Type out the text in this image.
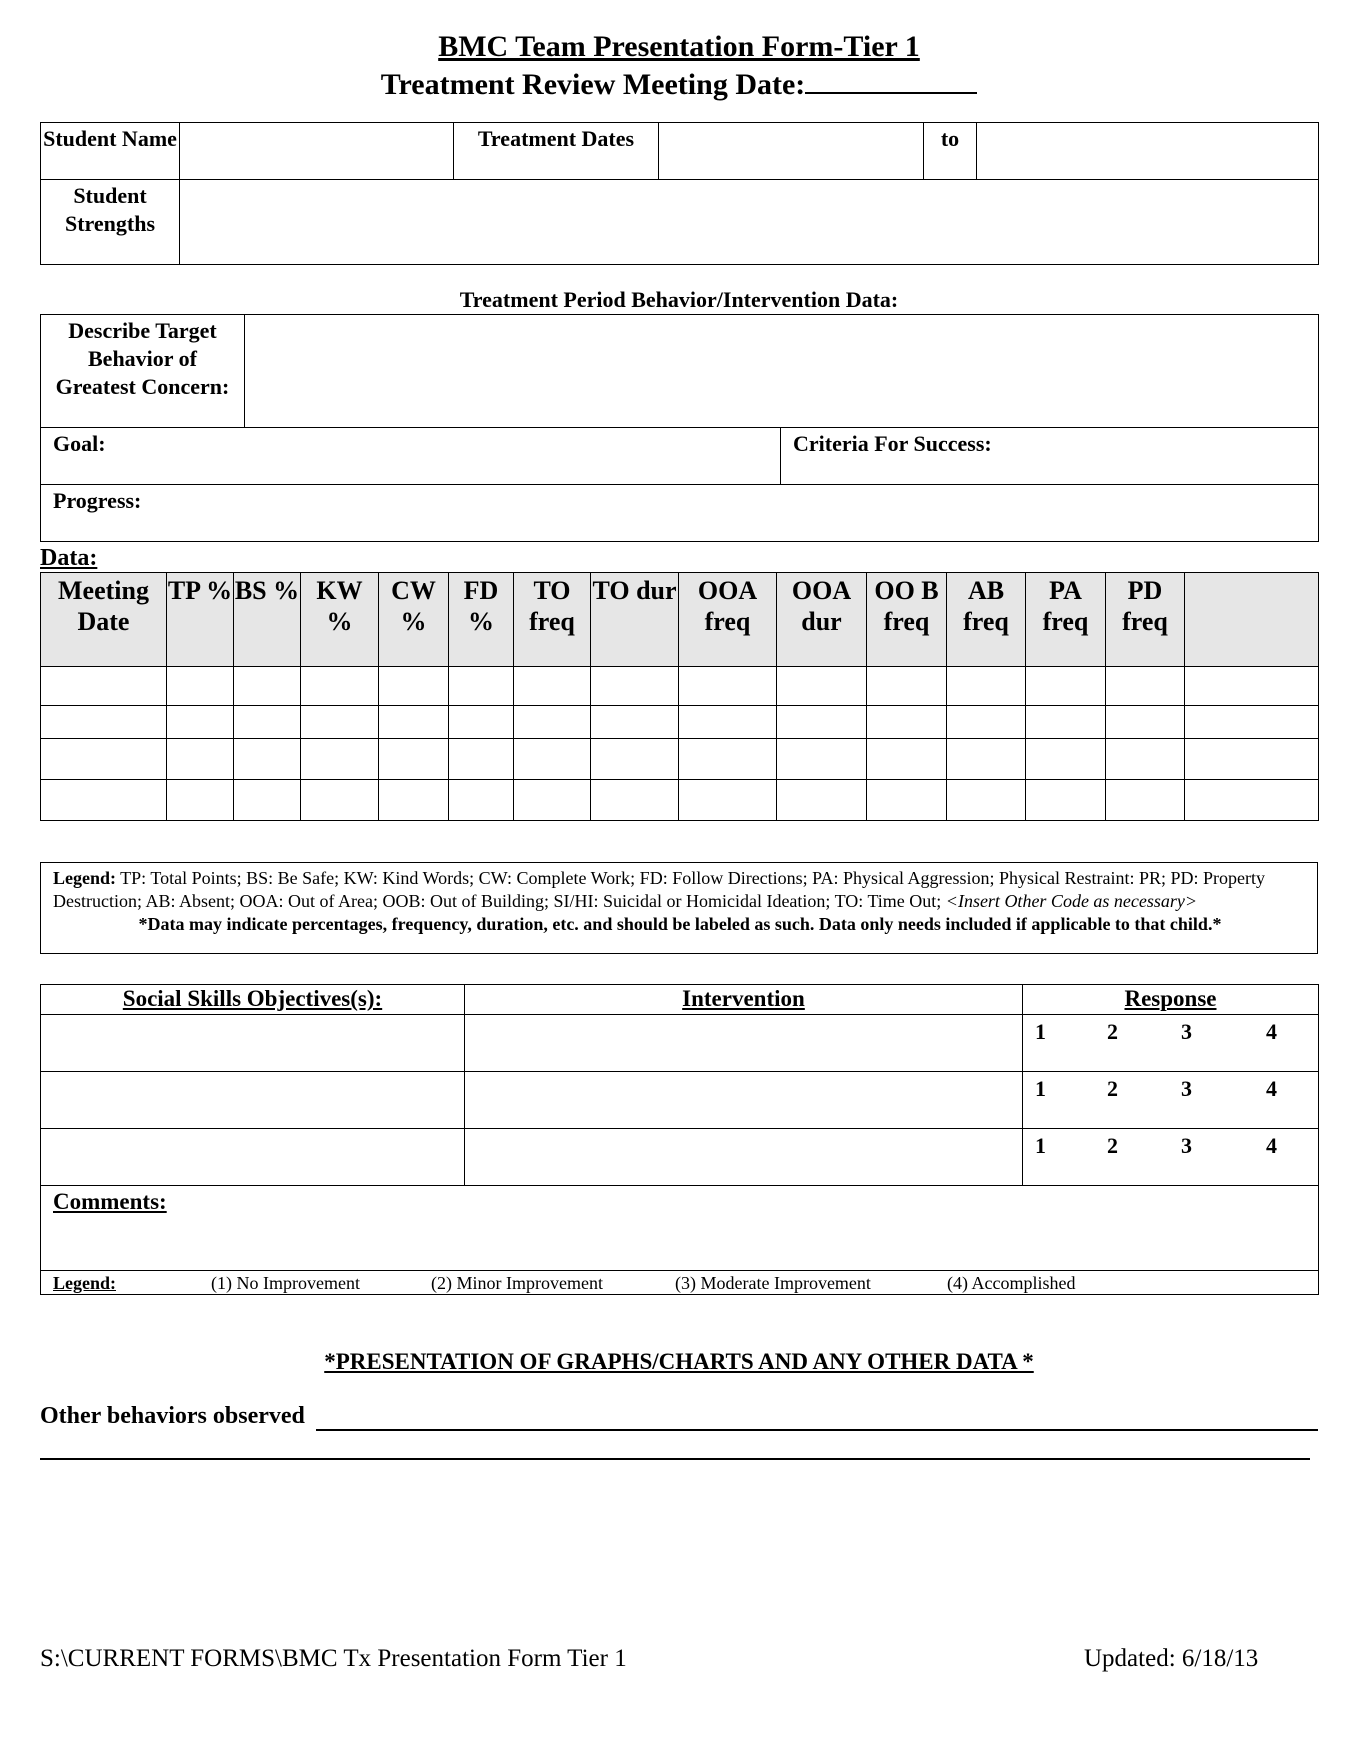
BMC Team Presentation Form-Tier 1
Treatment Review Meeting Date:
Student Name		Treatment Dates		to	
Student Strengths					
Treatment Period Behavior/Intervention Data:
Describe Target Behavior of Greatest Concern:		
Goal:		Criteria For Success:
Progress:		
Data:
Meeting Date	TP %	BS %	KW %	CW %	FD %	TO freq	TO dur	OOA freq	OOA dur	OO B freq	AB freq	PA freq	PD freq	

Legend: TP: Total Points; BS: Be Safe; KW: Kind Words; CW: Complete Work; FD: Follow Directions; PA: Physical Aggression; Physical Restraint: PR; PD: Property Destruction; AB: Absent; OOA: Out of Area; OOB: Out of Building; SI/HI: Suicidal or Homicidal Ideation; TO: Time Out; <Insert Other Code as necessary>
*Data may indicate percentages, frequency, duration, etc. and should be labeled as such. Data only needs included if applicable to that child.*
Social Skills Objectives(s):	Intervention	Response

		1 2 3 4

		1 2 3 4

		1 2 3 4

Comments:		

Legend: (1) No Improvement (2) Minor Improvement (3) Moderate Improvement (4) Accomplished		
*PRESENTATION OF GRAPHS/CHARTS AND ANY OTHER DATA *
Other behaviors observed
S:\CURRENT FORMS\BMC Tx Presentation Form Tier 1	Updated: 6/18/13
